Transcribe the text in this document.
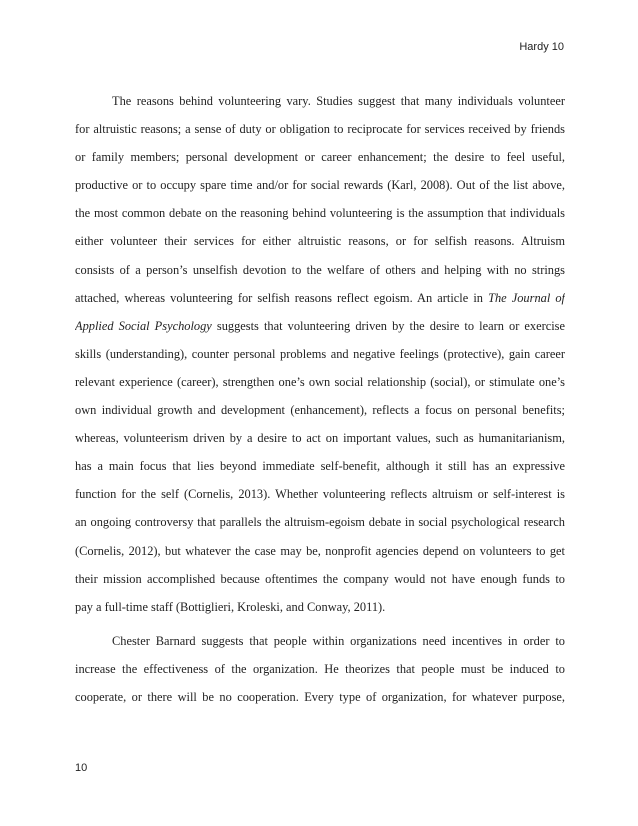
Hardy 10
The reasons behind volunteering vary. Studies suggest that many individuals volunteer
for altruistic reasons; a sense of duty or obligation to reciprocate for services received by friends
or family members; personal development or career enhancement; the desire to feel useful,
productive or to occupy spare time and/or for social rewards (Karl, 2008). Out of the list above,
the most common debate on the reasoning behind volunteering is the assumption that individuals
either volunteer their services for either altruistic reasons, or for selfish reasons. Altruism
consists of a person’s unselfish devotion to the welfare of others and helping with no strings
attached, whereas volunteering for selfish reasons reflect egoism. An article in The Journal of
Applied Social Psychology suggests that volunteering driven by the desire to learn or exercise
skills (understanding), counter personal problems and negative feelings (protective), gain career
relevant experience (career), strengthen one’s own social relationship (social), or stimulate one’s
own individual growth and development (enhancement), reflects a focus on personal benefits;
whereas, volunteerism driven by a desire to act on important values, such as humanitarianism,
has a main focus that lies beyond immediate self-benefit, although it still has an expressive
function for the self (Cornelis, 2013). Whether volunteering reflects altruism or self-interest is
an ongoing controversy that parallels the altruism-egoism debate in social psychological research
(Cornelis, 2012), but whatever the case may be, nonprofit agencies depend on volunteers to get
their mission accomplished because oftentimes the company would not have enough funds to
pay a full-time staff (Bottiglieri, Kroleski, and Conway, 2011).
Chester Barnard suggests that people within organizations need incentives in order to
increase the effectiveness of the organization. He theorizes that people must be induced to
cooperate, or there will be no cooperation. Every type of organization, for whatever purpose,
10
